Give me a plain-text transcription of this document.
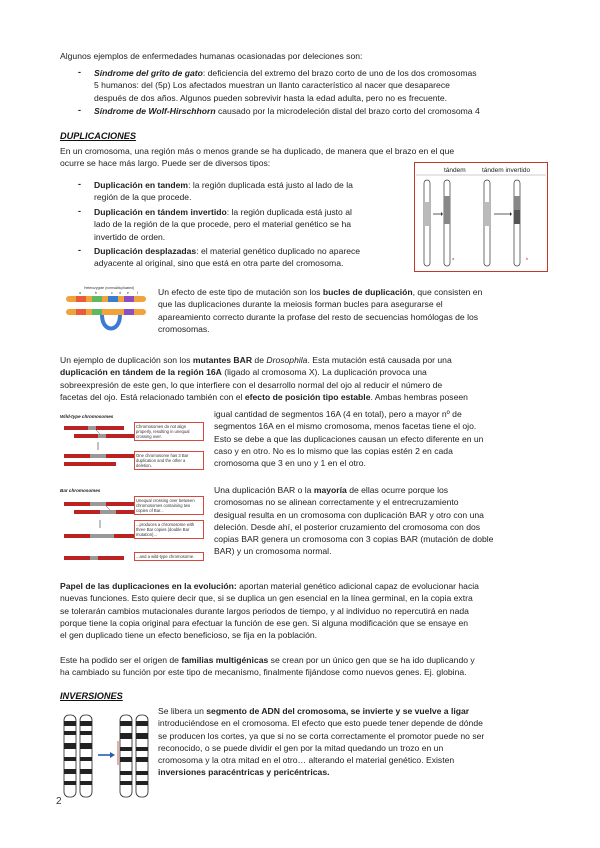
Algunos ejemplos de enfermedades humanas ocasionadas por deleciones son:
- Síndrome del grito de gato: deficiencia del extremo del brazo corto de uno de los dos cromosomas
5 humanos: del (5p) Los afectados muestran un llanto característico al nacer que desaparece
después de dos años. Algunos pueden sobrevivir hasta la edad adulta, pero no es frecuente.
- Síndrome de Wolf-Hirschhorn causado por la microdeleción distal del brazo corto del cromosoma 4
DUPLICACIONES
En un cromosoma, una región más o menos grande se ha duplicado, de manera que el brazo en el que
ocurre se hace más largo. Puede ser de diversos tipos:
- Duplicación en tandem: la región duplicada está justo al lado de la
región de la que procede.
- Duplicación en tándem invertido: la región duplicada está justo al
lado de la región de la que procede, pero el material genético se ha
invertido de orden.
- Duplicación desplazadas: el material genético duplicado no aparece
adyacente al original, sino que está en otra parte del cromosoma.
tándem	tándem invertido
a	b
Heterozygote (normal/duplicated)
a	b	c d e f Un efecto de este tipo de mutación son los bucles de duplicación, que consisten en
que las duplicaciones durante la meiosis forman bucles para asegurarse el
apareamiento correcto durante la profase del resto de secuencias homólogas de los
cromosomas.
Un ejemplo de duplicación son los mutantes BAR de Drosophila. Esta mutación está causada por una
duplicación en tándem de la región 16A (ligado al cromosoma X). La duplicación provoca una
sobreexpresión de este gen, lo que interfiere con el desarrollo normal del ojo al reducir el número de
facetas del ojo. Está relacionado también con el efecto de posición tipo estable. Ambas hembras poseen
Wild-type chromosomes
Bar chromosomes
Chromosomes do not align properly, resulting in unequal crossing over.
One chromosome has 3 Bar duplication and the other a deletion.
Unequal crossing over between chromosomes containing two copies of Bar...
...produces a chromosome with three Bar copies (double Bar mutation)...
...and a wild-type chromosome.
igual cantidad de segmentos 16A (4 en total), pero a mayor nº de
segmentos 16A en el mismo cromosoma, menos facetas tiene el ojo.
Esto se debe a que las duplicaciones causan un efecto diferente en un
caso y en otro. No es lo mismo que las copias estén 2 en cada
cromosoma que 3 en uno y 1 en el otro.
Una duplicación BAR o la mayoría de ellas ocurre porque los
cromosomas no se alinean correctamente y el entrecruzamiento
desigual resulta en un cromosoma con duplicación BAR y otro con una
deleción. Desde ahí, el posterior cruzamiento del cromosoma con dos
copias BAR genera un cromosoma con 3 copias BAR (mutación de doble
BAR) y un cromosoma normal.
Papel de las duplicaciones en la evolución: aportan material genético adicional capaz de evolucionar hacia
nuevas funciones. Esto quiere decir que, si se duplica un gen esencial en la línea germinal, en la copia extra
se tolerarán cambios mutacionales durante largos periodos de tiempo, y al individuo no repercutirá en nada
porque tiene la copia original para efectuar la función de ese gen. Si alguna modificación que se ensaye en
el gen duplicado tiene un efecto beneficioso, se fija en la población.
Este ha podido ser el origen de familias multigénicas se crean por un único gen que se ha ido duplicando y
ha cambiado su función por este tipo de mecanismo, finalmente fijándose como nuevos genes. Ej. globina.
INVERSIONES
Se libera un segmento de ADN del cromosoma, se invierte y se vuelve a ligar
introduciéndose en el cromosoma. El efecto que esto puede tener depende de dónde
se producen los cortes, ya que si no se corta correctamente el promotor puede no ser
reconocido, o se puede dividir el gen por la mitad quedando un trozo en un
cromosoma y la otra mitad en el otro… alterando el material genético. Existen
inversiones paracéntricas y pericéntricas.
2
